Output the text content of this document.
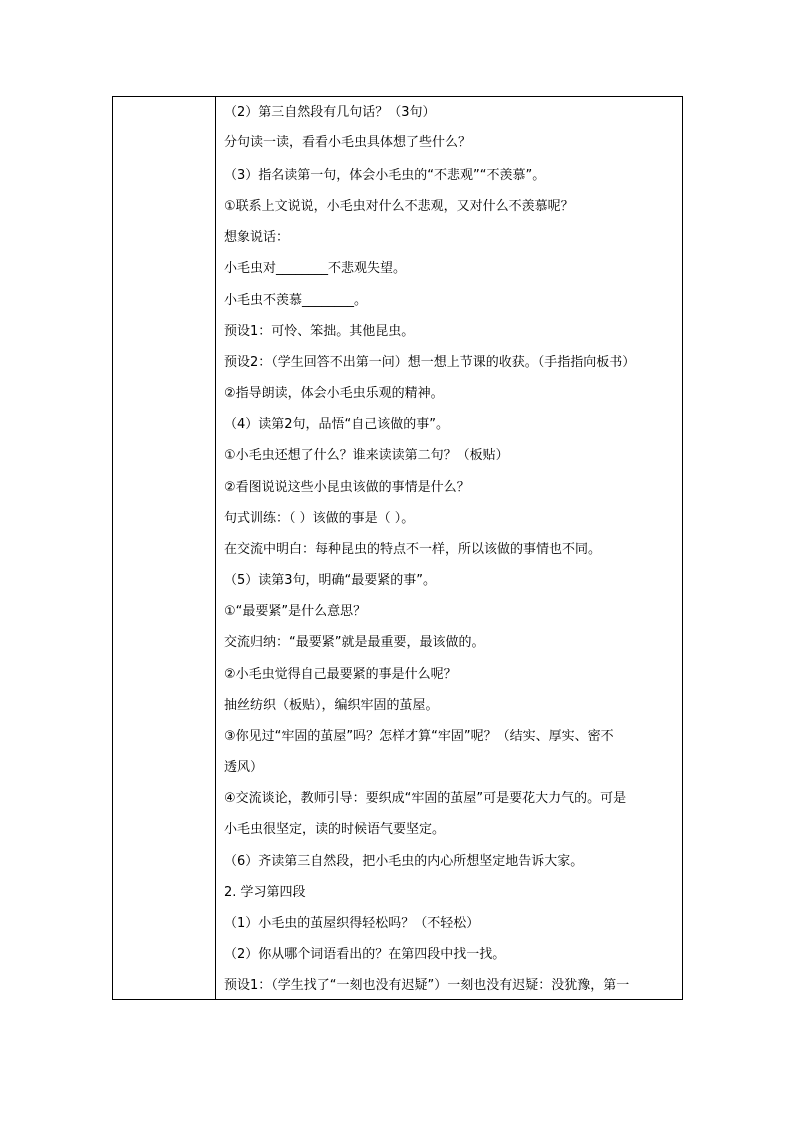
（2）第三自然段有几句话？（3句）
分句读一读，看看小毛虫具体想了些什么？
（3）指名读第一句，体会小毛虫的“不悲观”“不羡慕”。
①联系上文说说，小毛虫对什么不悲观，又对什么不羡慕呢？
想象说话：
小毛虫对________不悲观失望。
小毛虫不羡慕________。
预设1：可怜、笨拙。其他昆虫。
预设2：（学生回答不出第一问）想一想上节课的收获。（手指指向板书）
②指导朗读，体会小毛虫乐观的精神。
（4）读第2句，品悟“自己该做的事”。
①小毛虫还想了什么？谁来读读第二句？（板贴）
②看图说说这些小昆虫该做的事情是什么？
句式训练：（ ）该做的事是（ ）。
在交流中明白：每种昆虫的特点不一样，所以该做的事情也不同。
（5）读第3句，明确“最要紧的事”。
①“最要紧”是什么意思？
交流归纳：“最要紧”就是最重要，最该做的。
②小毛虫觉得自己最要紧的事是什么呢？
抽丝纺织（板贴），编织牢固的茧屋。
③你见过“牢固的茧屋”吗？怎样才算“牢固”呢？（结实、厚实、密不
透风）
④交流谈论，教师引导：要织成“牢固的茧屋”可是要花大力气的。可是
小毛虫很坚定，读的时候语气要坚定。
（6）齐读第三自然段，把小毛虫的内心所想坚定地告诉大家。
2. 学习第四段
（1）小毛虫的茧屋织得轻松吗？（不轻松）
（2）你从哪个词语看出的？在第四段中找一找。
预设1：（学生找了“一刻也没有迟疑”）一刻也没有迟疑：没犹豫，第一
